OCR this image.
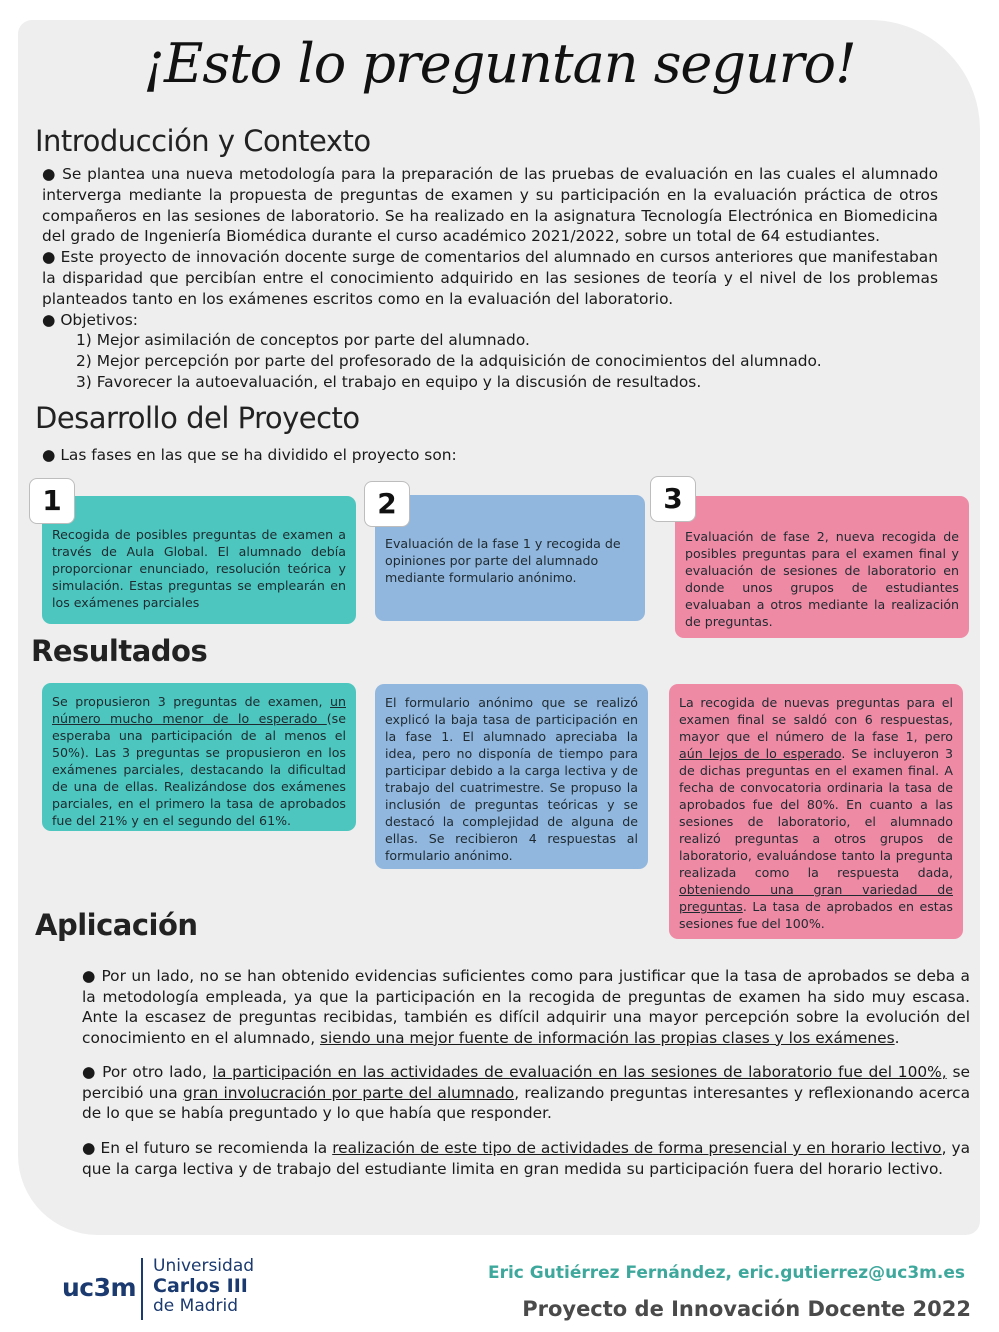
¡Esto lo preguntan seguro!
Introducción y Contexto

● Se plantea una nueva metodología para la preparación de las pruebas de evaluación en las cuales el alumnado interverga mediante la propuesta de preguntas de examen y su participación en la evaluación práctica de otros compañeros en las sesiones de laboratorio. Se ha realizado en la asignatura Tecnología Electrónica en Biomedicina del grado de Ingeniería Biomédica durante el curso académico 2021/2022, sobre un total de 64 estudiantes.

● Este proyecto de innovación docente surge de comentarios del alumnado en cursos anteriores que manifestaban la disparidad que percibían entre el conocimiento adquirido en las sesiones de teoría y el nivel de los problemas planteados tanto en los exámenes escritos como en la evaluación del laboratorio.

● Objetivos:

1) Mejor asimilación de conceptos por parte del alumnado.

2) Mejor percepción por parte del profesorado de la adquisición de conocimientos del alumnado.

3) Favorecer la autoevaluación, el trabajo en equipo y la discusión de resultados.

Desarrollo del Proyecto
● Las fases en las que se ha dividido el proyecto son:
Recogida de posibles preguntas de examen a través de Aula Global. El alumnado debía proporcionar enunciado, resolución teórica y simulación. Estas preguntas se emplearán en los exámenes parciales
1
Evaluación de la fase 1 y recogida de opiniones por parte del alumnado mediante formulario anónimo.
2
Evaluación de fase 2, nueva recogida de posibles preguntas para el examen final y evaluación de sesiones de laboratorio en donde unos grupos de estudiantes evaluaban a otros mediante la realización de preguntas.
3
Resultados
Se propusieron 3 preguntas de examen, un número mucho menor de lo esperado (se esperaba una participación de al menos el 50%). Las 3 preguntas se propusieron en los exámenes parciales, destacando la dificultad de una de ellas. Realizándose dos exámenes parciales, en el primero la tasa de aprobados fue del 21% y en el segundo del 61%.
El formulario anónimo que se realizó explicó la baja tasa de participación en la fase 1. El alumnado apreciaba la idea, pero no disponía de tiempo para participar debido a la carga lectiva y de trabajo del cuatrimestre. Se propuso la inclusión de preguntas teóricas y se destacó la complejidad de alguna de ellas. Se recibieron 4 respuestas al formulario anónimo.
La recogida de nuevas preguntas para el examen final se saldó con 6 respuestas, mayor que el número de la fase 1, pero aún lejos de lo esperado. Se incluyeron 3 de dichas preguntas en el examen final. A fecha de convocatoria ordinaria la tasa de aprobados fue del 80%. En cuanto a las sesiones de laboratorio, el alumnado realizó preguntas a otros grupos de laboratorio, evaluándose tanto la pregunta realizada como la respuesta dada, obteniendo una gran variedad de preguntas. La tasa de aprobados en estas sesiones fue del 100%.
Aplicación
● Por un lado, no se han obtenido evidencias suficientes como para justificar que la tasa de aprobados se deba a la metodología empleada, ya que la participación en la recogida de preguntas de examen ha sido muy escasa. Ante la escasez de preguntas recibidas, también es difícil adquirir una mayor percepción sobre la evolución del conocimiento en el alumnado, siendo una mejor fuente de información las propias clases y los exámenes.
● Por otro lado, la participación en las actividades de evaluación en las sesiones de laboratorio fue del 100%, se percibió una gran involucración por parte del alumnado, realizando preguntas interesantes y reflexionando acerca de lo que se había preguntado y lo que había que responder.
● En el futuro se recomienda la realización de este tipo de actividades de forma presencial y en horario lectivo, ya que la carga lectiva y de trabajo del estudiante limita en gran medida su participación fuera del horario lectivo.
uc3m
Universidad
Carlos III
de Madrid
Eric Gutiérrez Fernández, eric.gutierrez@uc3m.es
Proyecto de Innovación Docente 2022
